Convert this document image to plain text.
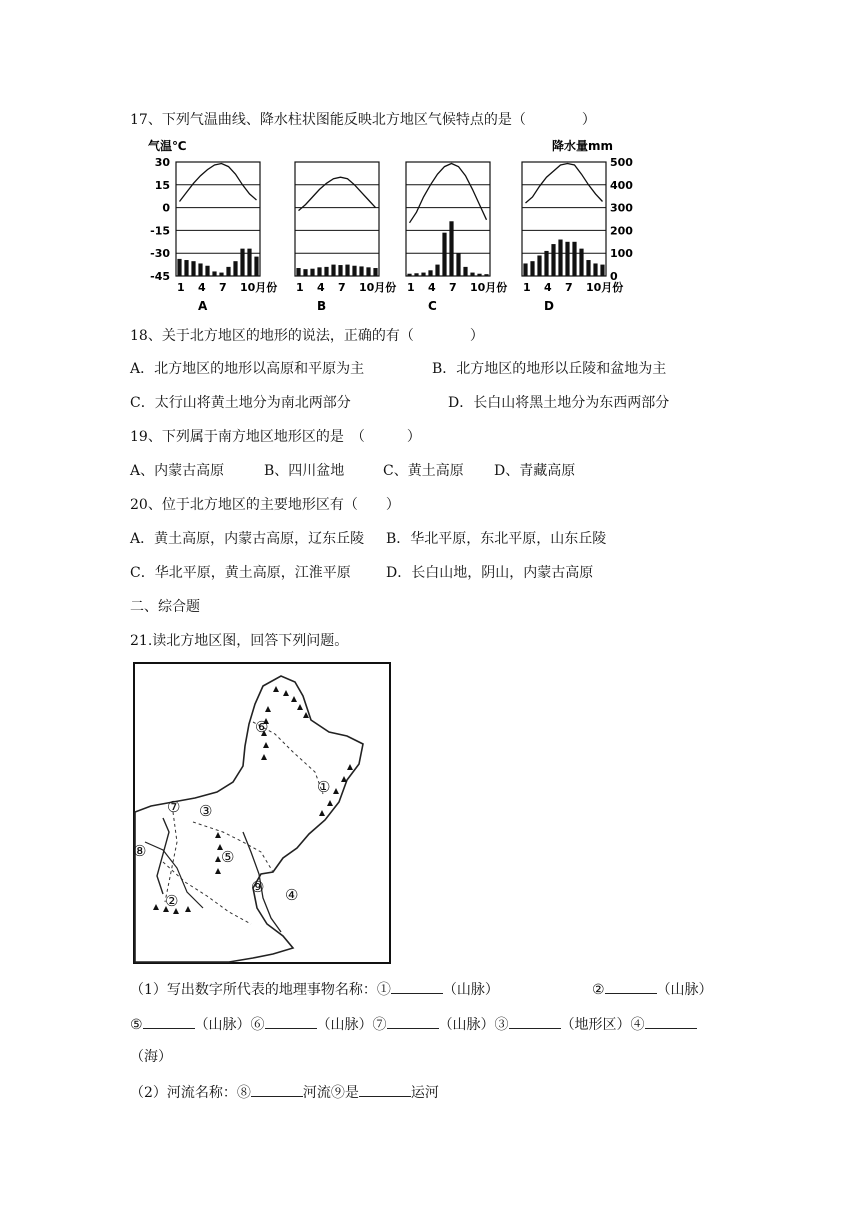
17、下列气温曲线、降水柱状图能反映北方地区气候特点的是（　　　　）
气温℃	降水量mm
30
15
0
-15
-30
-45
500
400
300
200
100
0
1 4 7 10月份
A
1 4 7 10月份
B
1 4 7 10月份
C
1 4 7 10月份
D
18、关于北方地区的地形的说法，正确的有（　　　　）
A．北方地区的地形以高原和平原为主	B．北方地区的地形以丘陵和盆地为主
C．太行山将黄土地分为南北两部分	D．长白山将黑土地分为东西两部分
19、下列属于南方地区地形区的是　（　　　）
A、内蒙古高原	B、四川盆地	C、黄土高原 D、青藏高原
20、位于北方地区的主要地形区有（　　）
A．黄土高原，内蒙古高原，辽东丘陵 B．华北平原，东北平原，山东丘陵
C．华北平原，黄土高原，江淮平原	D．长白山地，阴山，内蒙古高原
二、综合题
21.读北方地区图，回答下列问题。
⑥
①
⑦ ③
⑧	⑤
⑨ ④
②
（1）写出数字所代表的地理事物名称：①	（山脉）	②	（山脉）
⑤	（山脉）⑥	（山脉）⑦	（山脉）③	（地形区）④
（海）
（2）河流名称：⑧	河流⑨是	运河
